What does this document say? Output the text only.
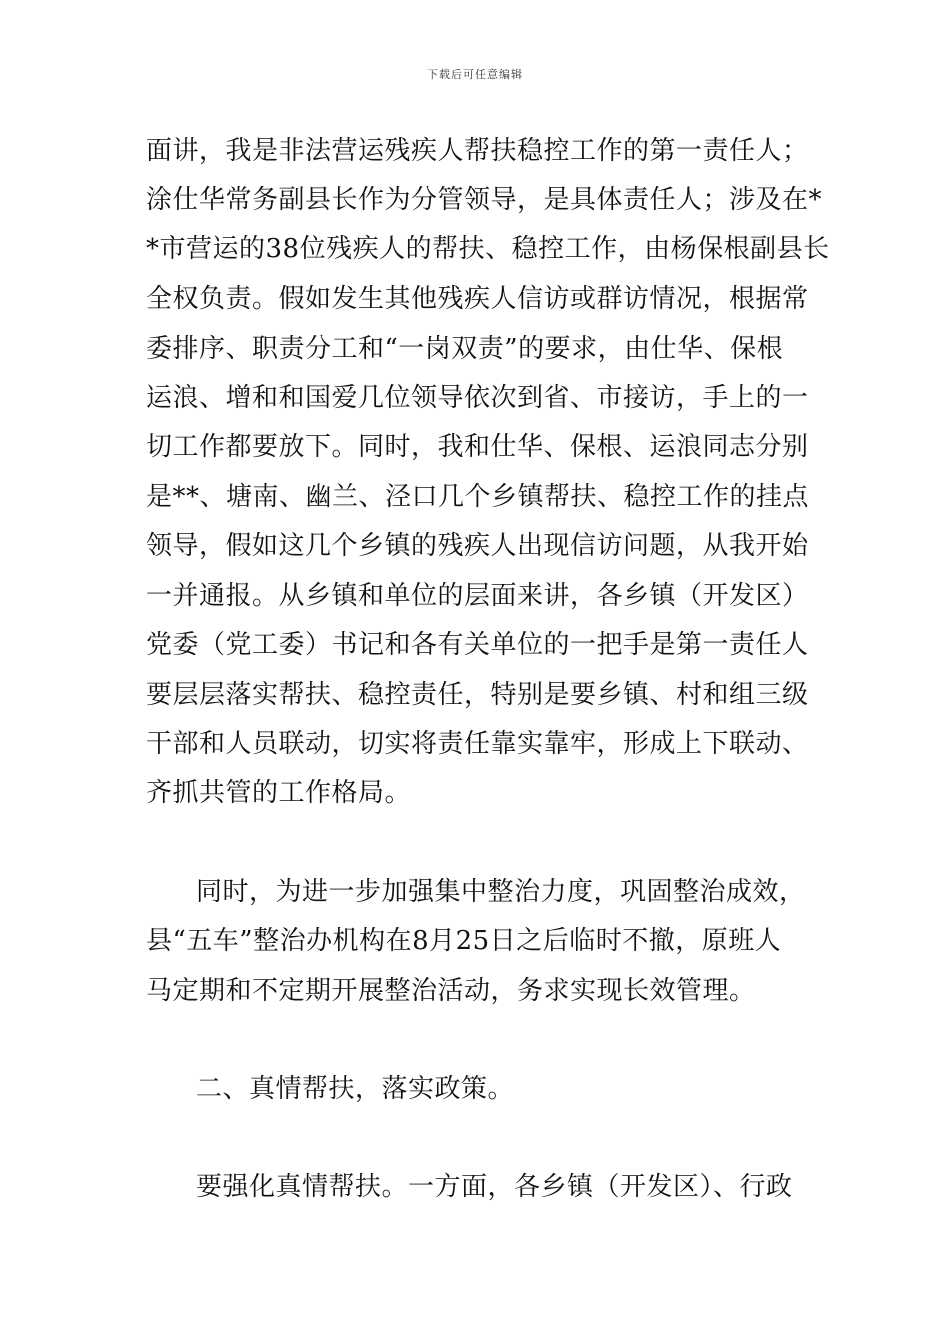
下载后可任意编辑
面讲，我是非法营运残疾人帮扶稳控工作的第一责任人；
涂仕华常务副县长作为分管领导，是具体责任人；涉及在*
*市营运的38位残疾人的帮扶、稳控工作，由杨保根副县长
全权负责。假如发生其他残疾人信访或群访情况，根据常
委排序、职责分工和“一岗双责”的要求，由仕华、保根
运浪、增和和国爱几位领导依次到省、市接访，手上的一
切工作都要放下。同时，我和仕华、保根、运浪同志分别
是**、塘南、幽兰、泾口几个乡镇帮扶、稳控工作的挂点
领导，假如这几个乡镇的残疾人出现信访问题，从我开始
一并通报。从乡镇和单位的层面来讲，各乡镇（开发区）
党委（党工委）书记和各有关单位的一把手是第一责任人
要层层落实帮扶、稳控责任，特别是要乡镇、村和组三级
干部和人员联动，切实将责任靠实靠牢，形成上下联动、
齐抓共管的工作格局。
同时，为进一步加强集中整治力度，巩固整治成效，
县“五车”整治办机构在8月25日之后临时不撤，原班人
马定期和不定期开展整治活动，务求实现长效管理。
二、真情帮扶，落实政策。
要强化真情帮扶。一方面，各乡镇（开发区）、行政
